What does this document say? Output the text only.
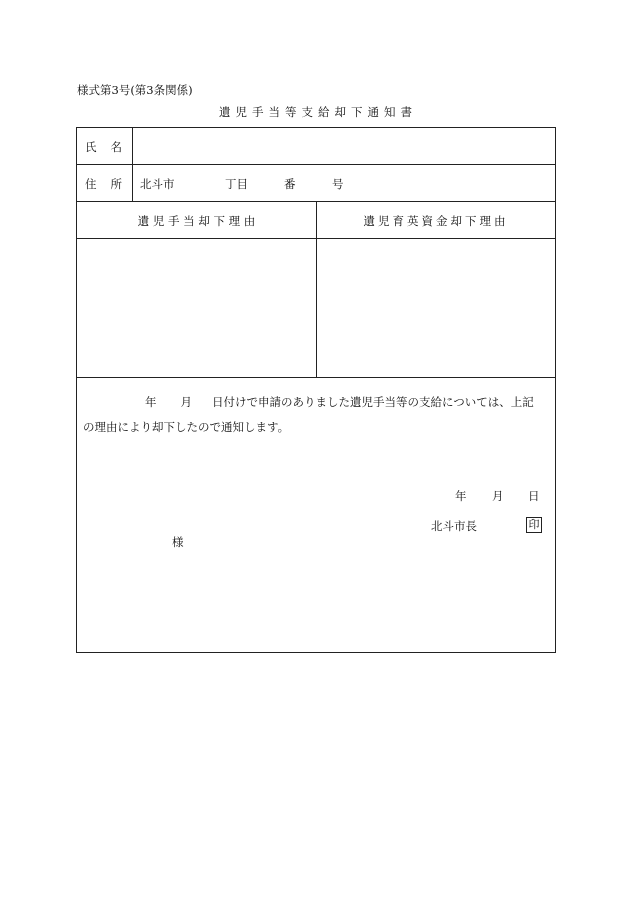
様式第3号(第3条関係)
遺児手当等支給却下通知書
氏名
住所 北斗市	丁目	番	号
遺 児 手 当 却 下 理 由	遺児育英資金却下理由
年 月 日付けで申請のありました遺児手当等の支給については、上記
の理由により却下したので通知します。
年 月 日
北斗市長	印
様
